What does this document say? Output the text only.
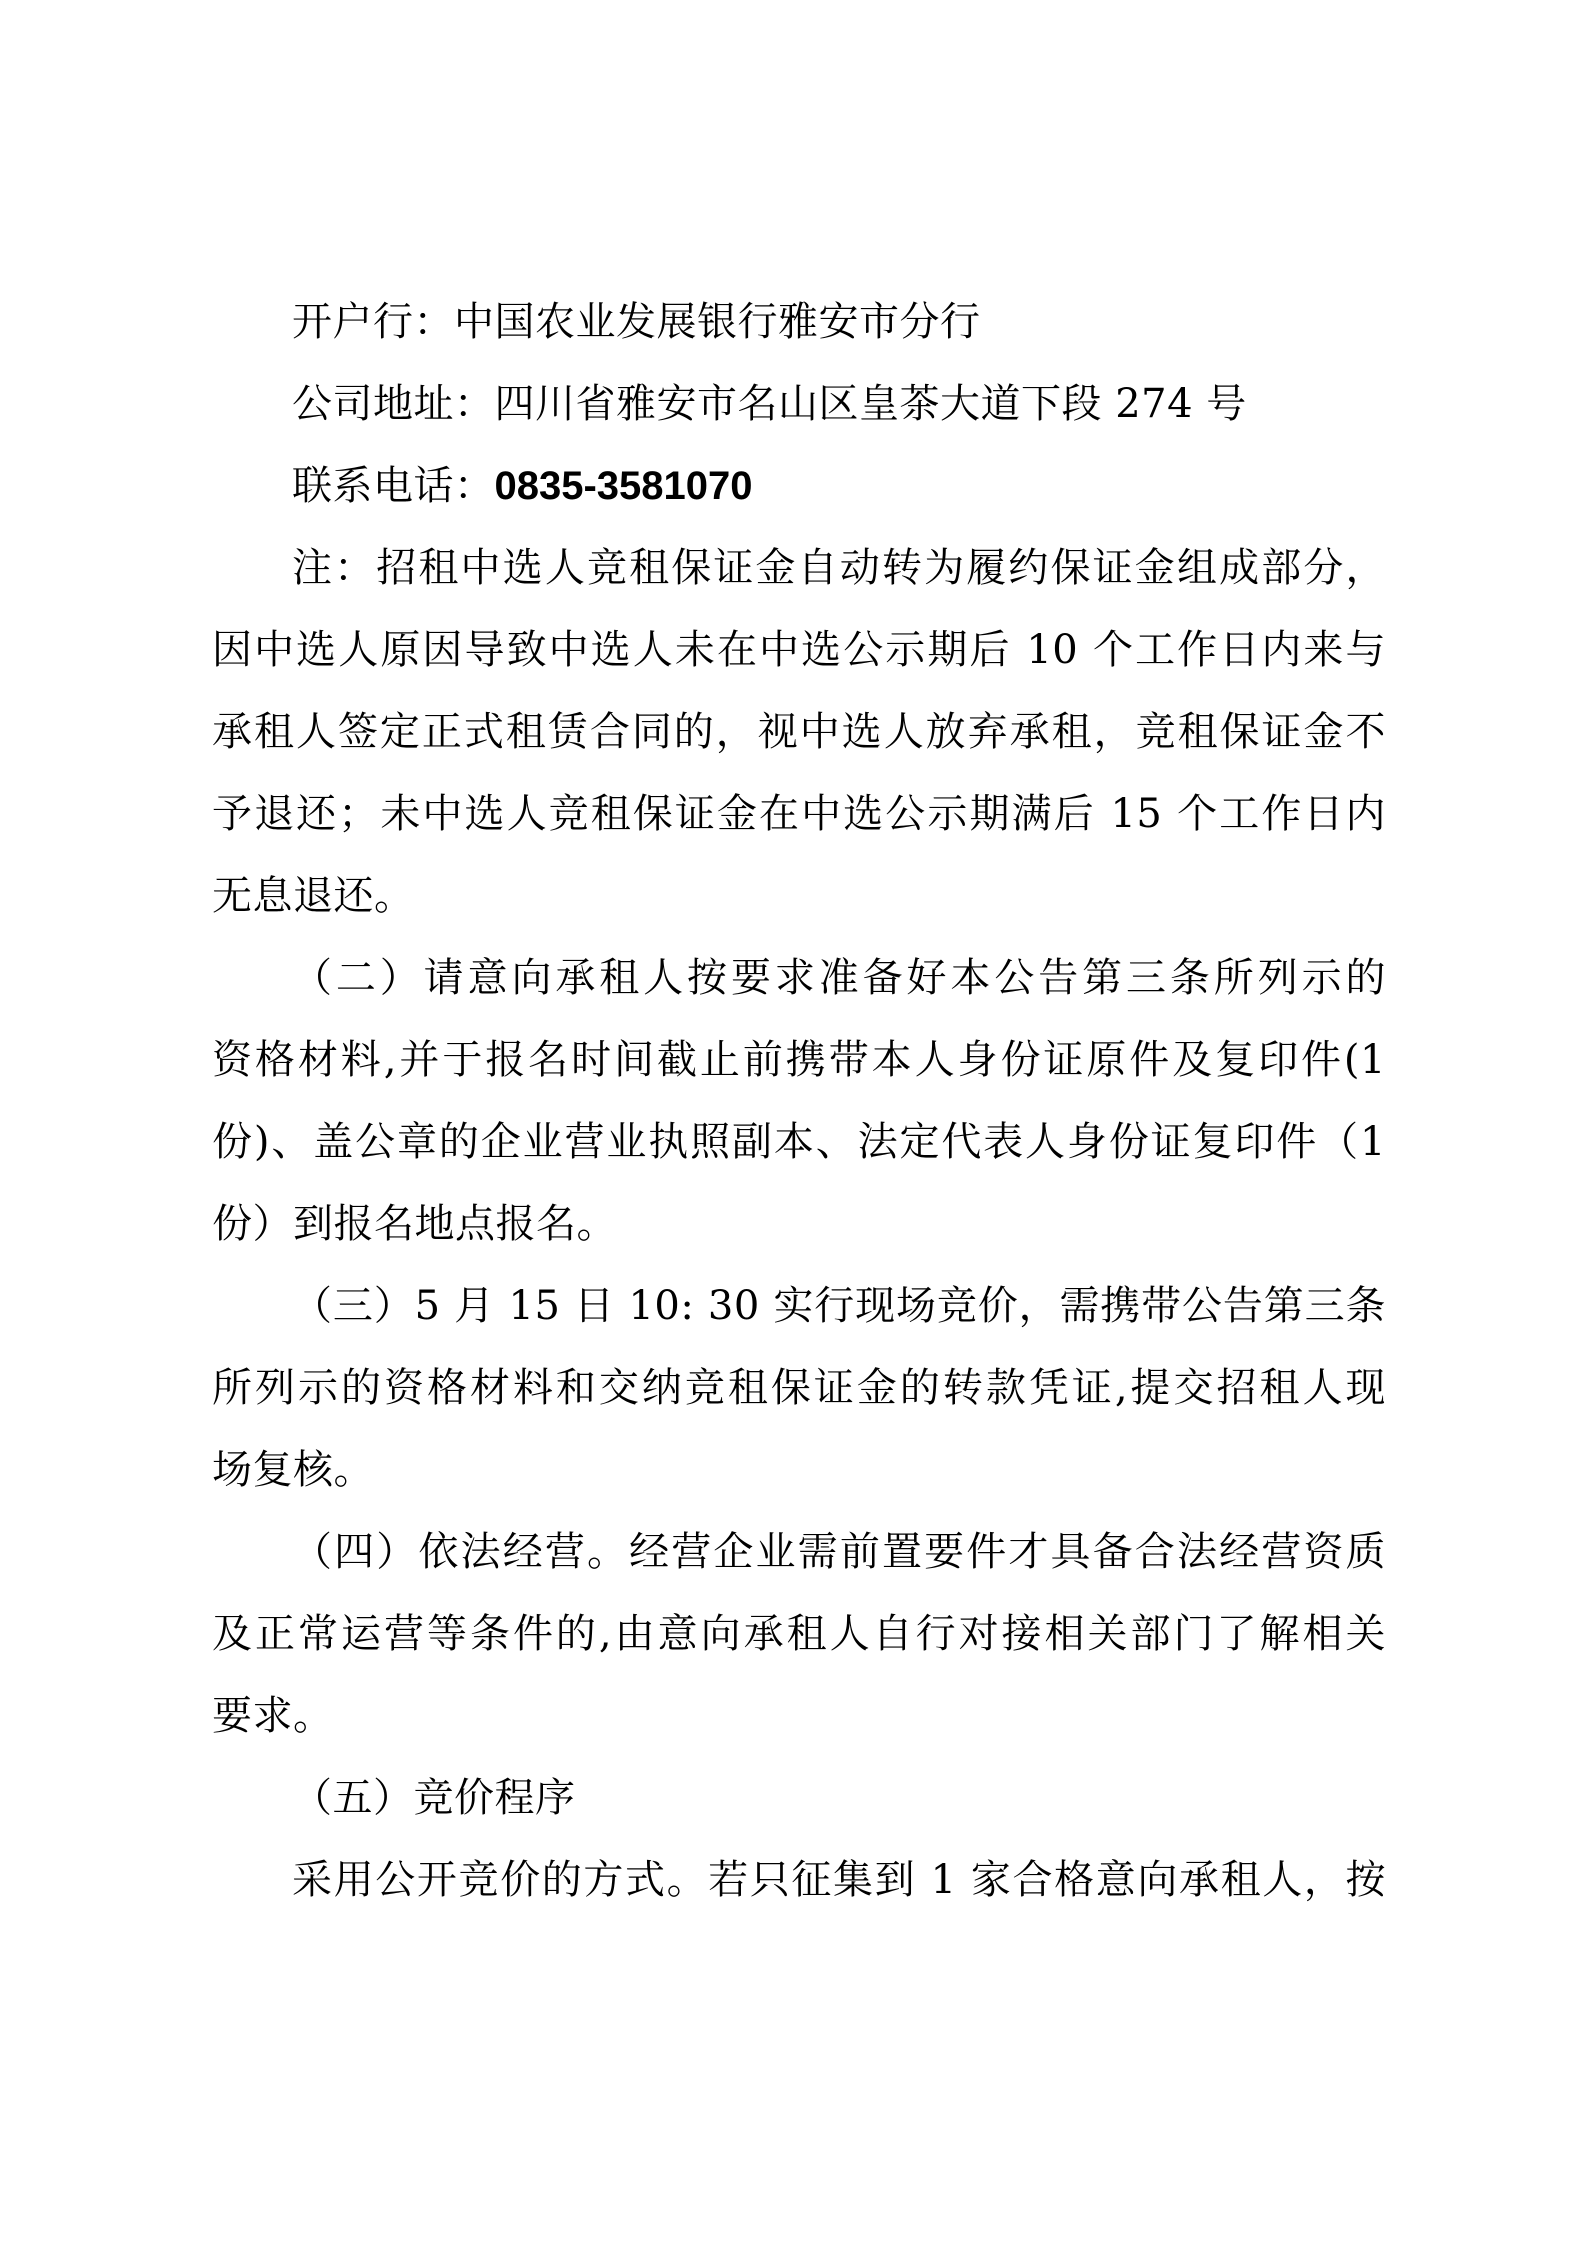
开户行：中国农业发展银行雅安市分行
公司地址：四川省雅安市名山区皇茶大道下段 274 号
联系电话：0835-3581070
注：招租中选人竞租保证金自动转为履约保证金组成部分，
因中选人原因导致中选人未在中选公示期后 10 个工作日内来与
承租人签定正式租赁合同的，视中选人放弃承租，竞租保证金不
予退还；未中选人竞租保证金在中选公示期满后 15 个工作日内
无息退还。
（二）请意向承租人按要求准备好本公告第三条所列示的
资格材料,并于报名时间截止前携带本人身份证原件及复印件(1
份)、盖公章的企业营业执照副本、法定代表人身份证复印件（1
份）到报名地点报名。
（三）5 月 15 日 10: 30 实行现场竞价，需携带公告第三条
所列示的资格材料和交纳竞租保证金的转款凭证,提交招租人现
场复核。
（四）依法经营。经营企业需前置要件才具备合法经营资质
及正常运营等条件的,由意向承租人自行对接相关部门了解相关
要求。
（五）竞价程序
采用公开竞价的方式。若只征集到 1 家合格意向承租人，按
